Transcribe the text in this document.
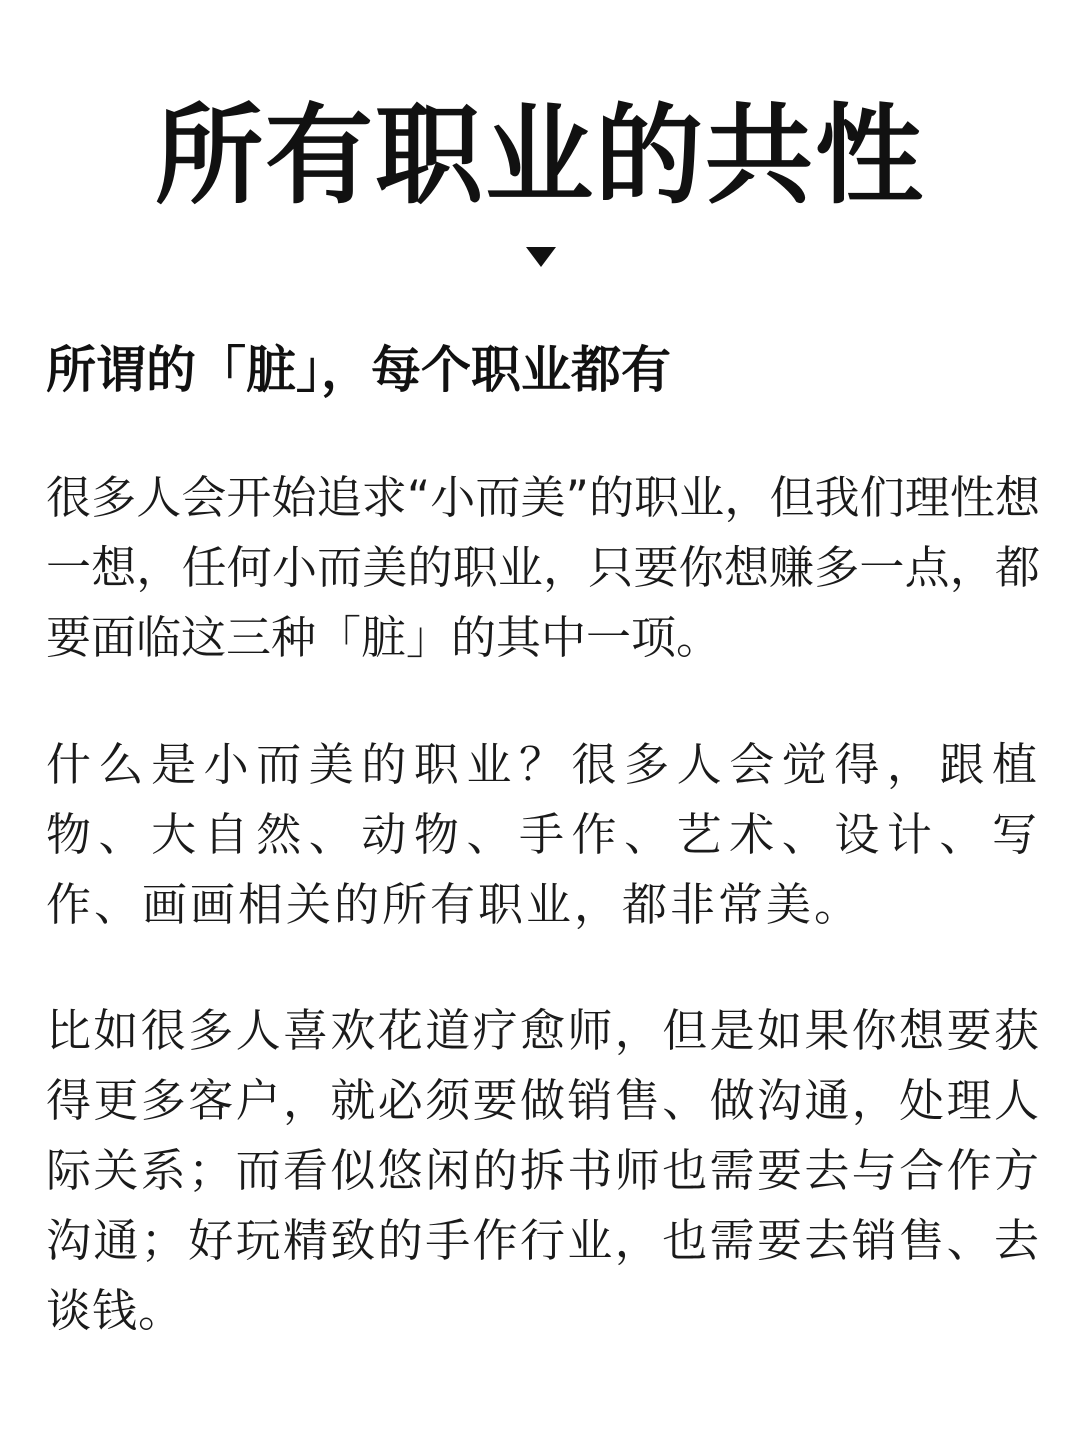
所有职业的共性
所谓的「脏」，每个职业都有
很多人会开始追求“小而美”的职业，但我们理性想一想，任何小而美的职业，只要你想赚多一点，都要面临这三种「脏」的其中一项。
什么是小而美的职业？很多人会觉得，跟植物、大自然、动物、手作、艺术、设计、写作、画画相关的所有职业，都非常美。
比如很多人喜欢花道疗愈师，但是如果你想要获得更多客户，就必须要做销售、做沟通，处理人际关系；而看似悠闲的拆书师也需要去与合作方沟通；好玩精致的手作行业，也需要去销售、去谈钱。
